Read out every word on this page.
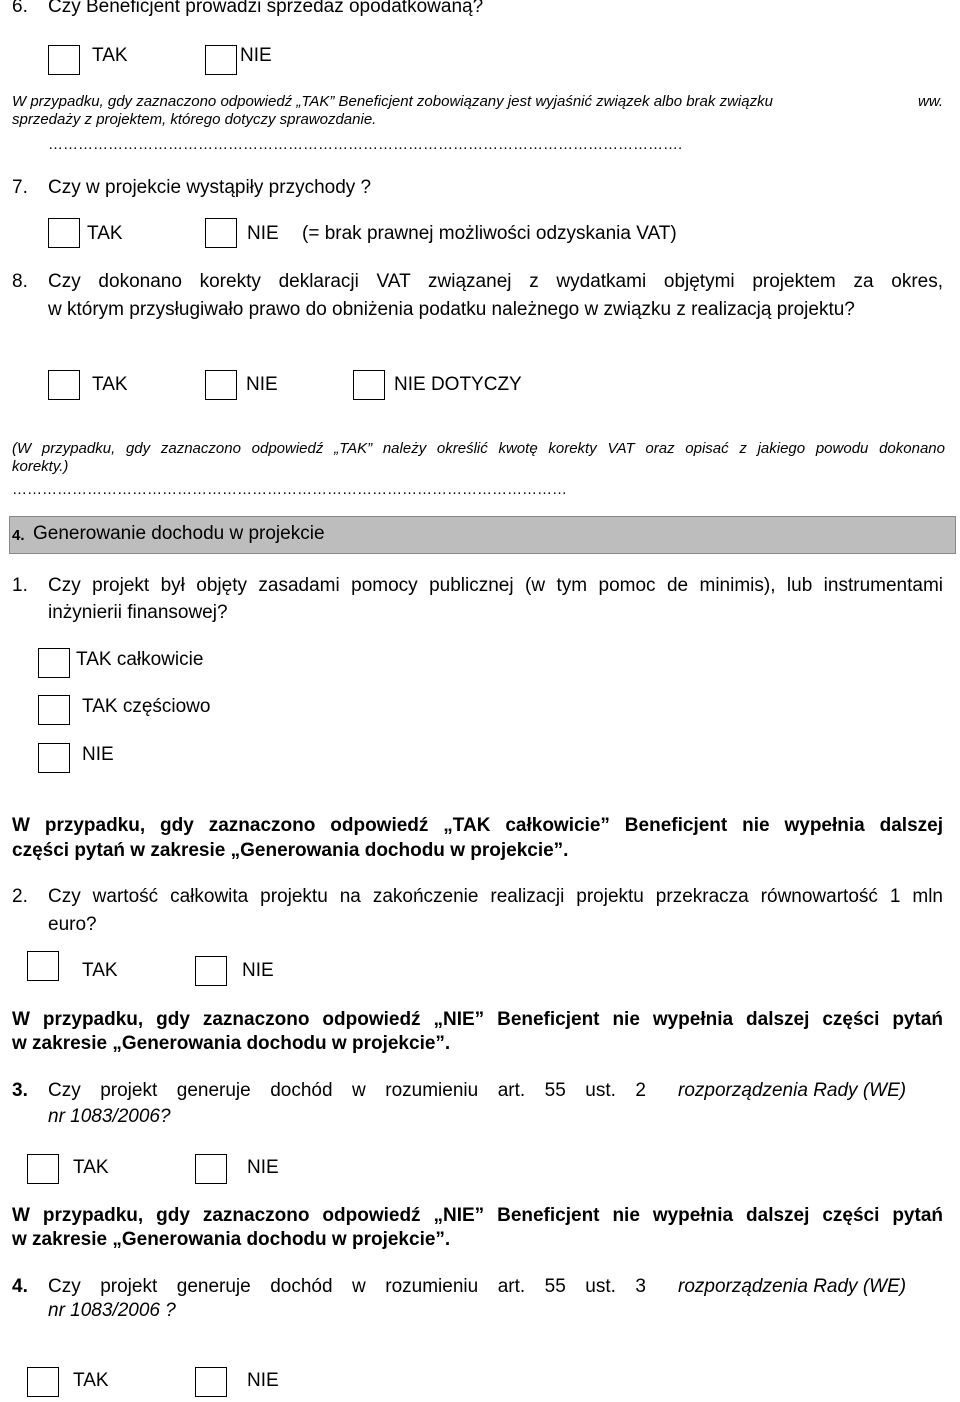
6. Czy Beneficjent prowadzi sprzedaż opodatkowaną?
TAK	NIE
W przypadku, gdy zaznaczono odpowiedź „TAK” Beneficjent zobowiązany jest wyjaśnić związek albo brak związku	ww.
sprzedaży z projektem, którego dotyczy sprawozdanie.
……………………………………………………………………………………………………………….
7. Czy w projekcie wystąpiły przychody ?
TAK	NIE (= brak prawnej możliwości odzyskania VAT)
8. Czy dokonano korekty deklaracji VAT związanej z wydatkami objętymi projektem za okres,
w którym przysługiwało prawo do obniżenia podatku należnego w związku z realizacją projektu?
TAK	NIE	NIE DOTYCZY
(W przypadku, gdy zaznaczono odpowiedź „TAK” należy określić kwotę korekty VAT oraz opisać z jakiego powodu dokonano
korekty.)
…………………………………………………………………………………………………
4. Generowanie dochodu w projekcie
1. Czy projekt był objęty zasadami pomocy publicznej (w tym pomoc de minimis), lub instrumentami
inżynierii finansowej?
TAK całkowicie
TAK częściowo
NIE
W przypadku, gdy zaznaczono odpowiedź „TAK całkowicie” Beneficjent nie wypełnia dalszej
części pytań w zakresie „Generowania dochodu w projekcie”.
2. Czy wartość całkowita projektu na zakończenie realizacji projektu przekracza równowartość 1 mln
euro?
TAK	NIE
W przypadku, gdy zaznaczono odpowiedź „NIE” Beneficjent nie wypełnia dalszej części pytań
w zakresie „Generowania dochodu w projekcie”.
3. Czy projekt generuje dochód w rozumieniu art. 55 ust. 2 rozporządzenia Rady (WE)
nr 1083/2006?
TAK	NIE
W przypadku, gdy zaznaczono odpowiedź „NIE” Beneficjent nie wypełnia dalszej części pytań
w zakresie „Generowania dochodu w projekcie”.
4. Czy projekt generuje dochód w rozumieniu art. 55 ust. 3 rozporządzenia Rady (WE)
nr 1083/2006 ?
TAK	NIE
